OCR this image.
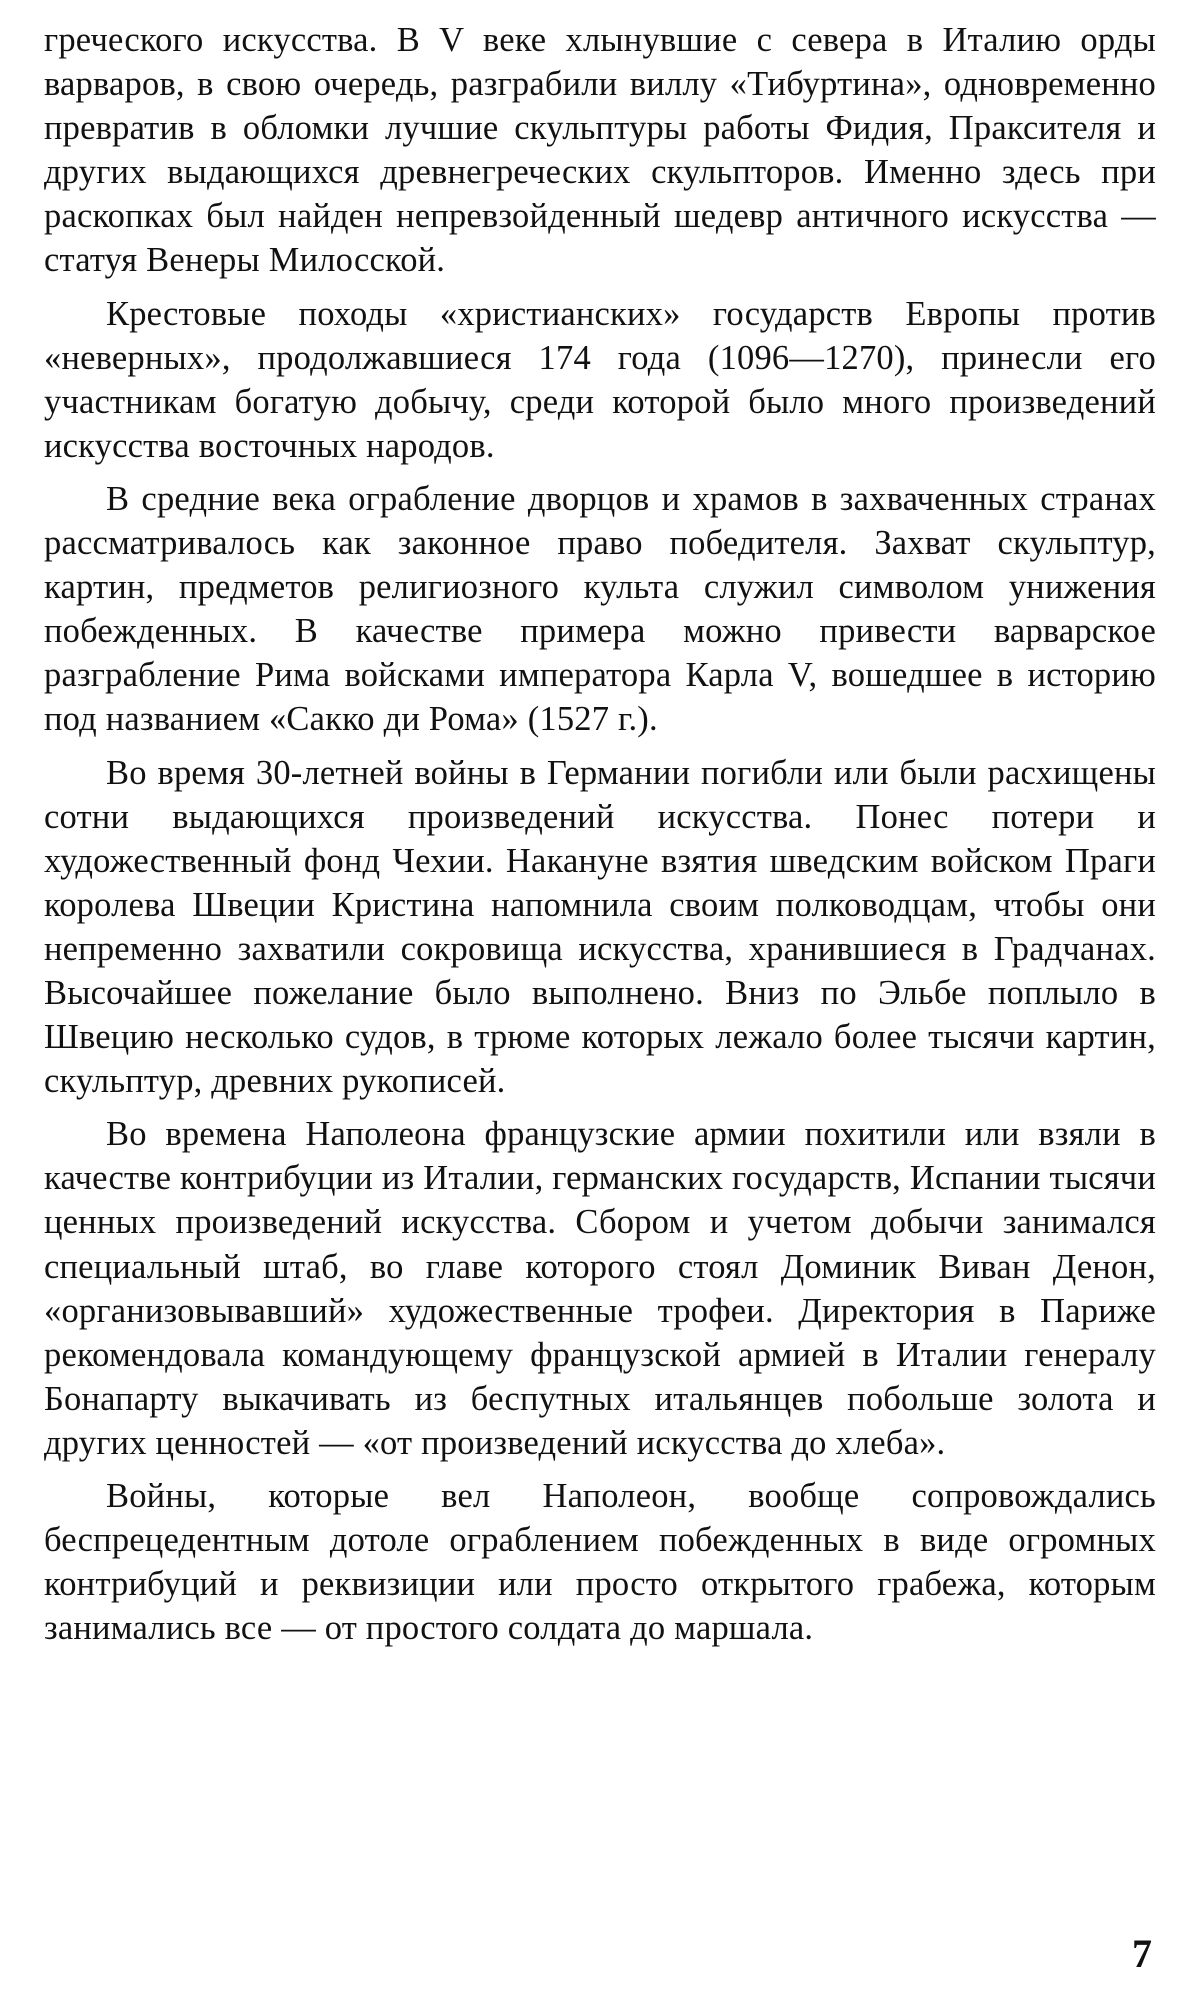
греческого искусства. В V веке хлынувшие с севера в Италию орды варваров, в свою очередь, разграбили виллу «Тибуртина», одновременно превратив в обломки лучшие скульптуры работы Фидия, Праксителя и других выдающихся древнегреческих скульпторов. Именно здесь при раскопках был найден непревзойденный шедевр античного искусства — статуя Венеры Милосской.

Крестовые походы «христианских» государств Европы против «неверных», продолжавшиеся 174 года (1096—1270), принесли его участникам богатую добычу, среди которой было много произведений искусства восточных народов.

В средние века ограбление дворцов и храмов в захваченных странах рассматривалось как законное право победителя. Захват скульптур, картин, предметов религиозного культа служил символом унижения побежденных. В качестве примера можно привести варварское разграбление Рима войсками императора Карла V, вошедшее в историю под названием «Сакко ди Рома» (1527 г.).

Во время 30-летней войны в Германии погибли или были расхищены сотни выдающихся произведений искусства. Понес потери и художественный фонд Чехии. Накануне взятия шведским войском Праги королева Швеции Кристина напомнила своим полководцам, чтобы они непременно захватили сокровища искусства, хранившиеся в Градчанах. Высочайшее пожелание было выполнено. Вниз по Эльбе поплыло в Швецию несколько судов, в трюме которых лежало более тысячи картин, скульптур, древних рукописей.

Во времена Наполеона французские армии похитили или взяли в качестве контрибуции из Италии, германских государств, Испании тысячи ценных произведений искусства. Сбором и учетом добычи занимался специальный штаб, во главе которого стоял Доминик Виван Денон, «организовывавший» художественные трофеи. Директория в Париже рекомендовала командующему французской армией в Италии генералу Бонапарту выкачивать из беспутных итальянцев побольше золота и других ценностей — «от произведений искусства до хлеба».

Войны, которые вел Наполеон, вообще сопровождались беспрецедентным дотоле ограблением побежденных в виде огромных контрибуций и реквизиции или просто открытого грабежа, которым занимались все — от простого солдата до маршала.

7
